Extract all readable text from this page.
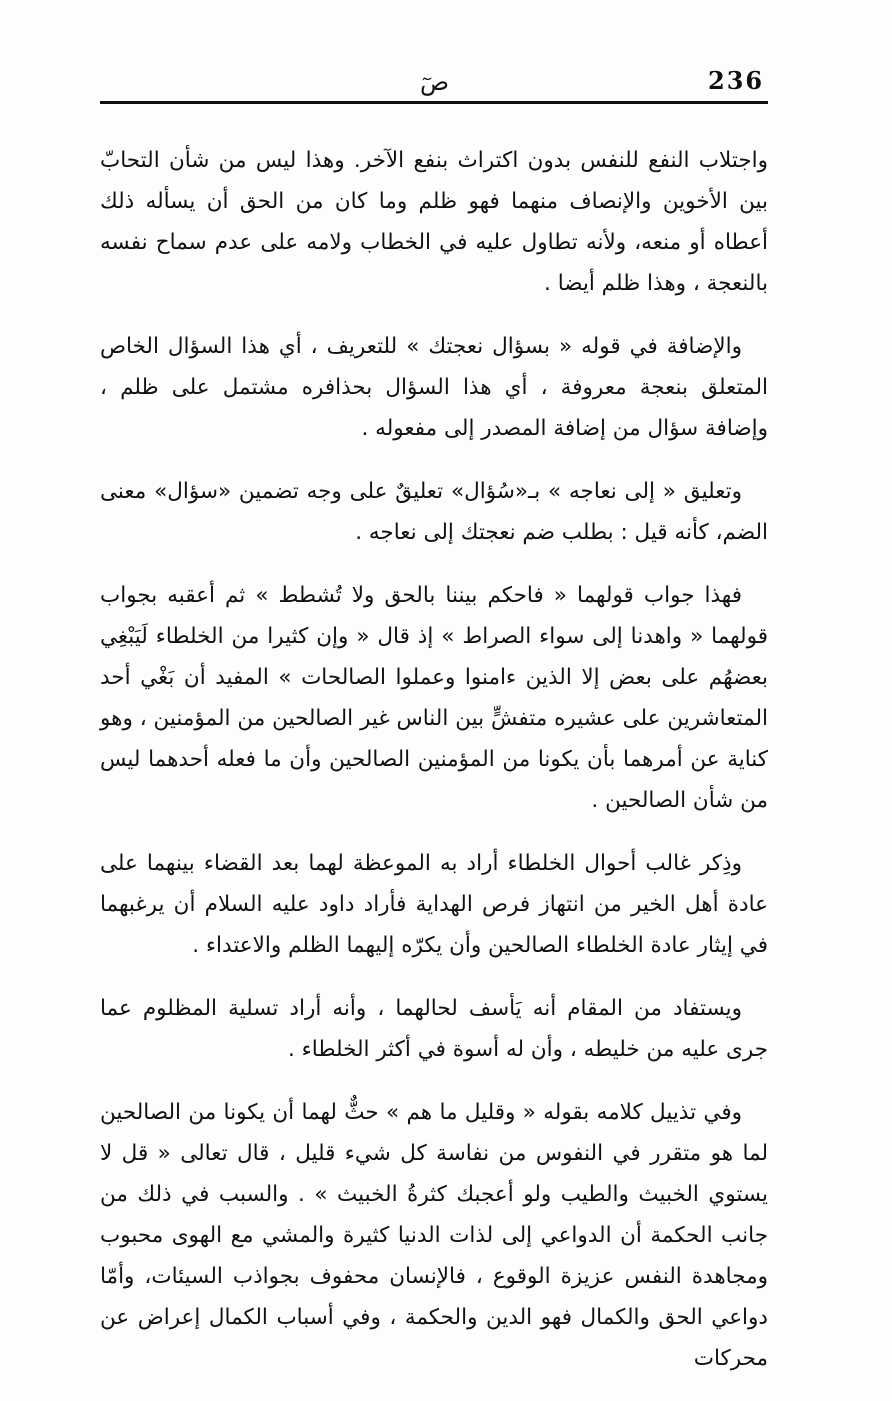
236
صٓ

واجتلاب النفع للنفس بدون اكتراث بنفع الآخر. وهذا ليس من شأن التحابّ بين الأخوين والإنصاف منهما فهو ظلم وما كان من الحق أن يسأله ذلك أعطاه أو منعه، ولأنه تطاول عليه في الخطاب ولامه على عدم سماح نفسه بالنعجة ، وهذا ظلم أيضا .

والإضافة في قوله « بسؤال نعجتك » للتعريف ، أي هذا السؤال الخاص المتعلق بنعجة معروفة ، أي هذا السؤال بحذافره مشتمل على ظلم ، وإضافة سؤال من إضافة المصدر إلى مفعوله .

وتعليق « إلى نعاجه » بـ«سُؤال» تعليقٌ على وجه تضمين «سؤال» معنى الضم، كأنه قيل : بطلب ضم نعجتك إلى نعاجه .

فهذا جواب قولهما « فاحكم بيننا بالحق ولا تُشطط » ثم أعقبه بجواب قولهما « واهدنا إلى سواء الصراط » إذ قال « وإن كثيرا من الخلطاء لَيَبْغِي بعضهُم على بعض إلا الذين ءامنوا وعملوا الصالحات » المفيد أن بَغْي أحد المتعاشرين على عشيره متفشٍّ بين الناس غير الصالحين من المؤمنين ، وهو كناية عن أمرهما بأن يكونا من المؤمنين الصالحين وأن ما فعله أحدهما ليس من شأن الصالحين .

وذِكر غالب أحوال الخلطاء أراد به الموعظة لهما بعد القضاء بينهما على عادة أهل الخير من انتهاز فرص الهداية فأراد داود عليه السلام أن يرغبهما في إيثار عادة الخلطاء الصالحين وأن يكرّه إليهما الظلم والاعتداء .

ويستفاد من المقام أنه يَأسف لحالهما ، وأنه أراد تسلية المظلوم عما جرى عليه من خليطه ، وأن له أسوة في أكثر الخلطاء .

وفي تذييل كلامه بقوله « وقليل ما هم » حثٌّ لهما أن يكونا من الصالحين لما هو متقرر في النفوس من نفاسة كل شيء قليل ، قال تعالى « قل لا يستوي الخبيث والطيب ولو أعجبك كثرةُ الخبيث » . والسبب في ذلك من جانب الحكمة أن الدواعي إلى لذات الدنيا كثيرة والمشي مع الهوى محبوب ومجاهدة النفس عزيزة الوقوع ، فالإنسان محفوف بجواذب السيئات، وأمّا دواعي الحق والكمال فهو الدين والحكمة ، وفي أسباب الكمال إعراض عن محركات
